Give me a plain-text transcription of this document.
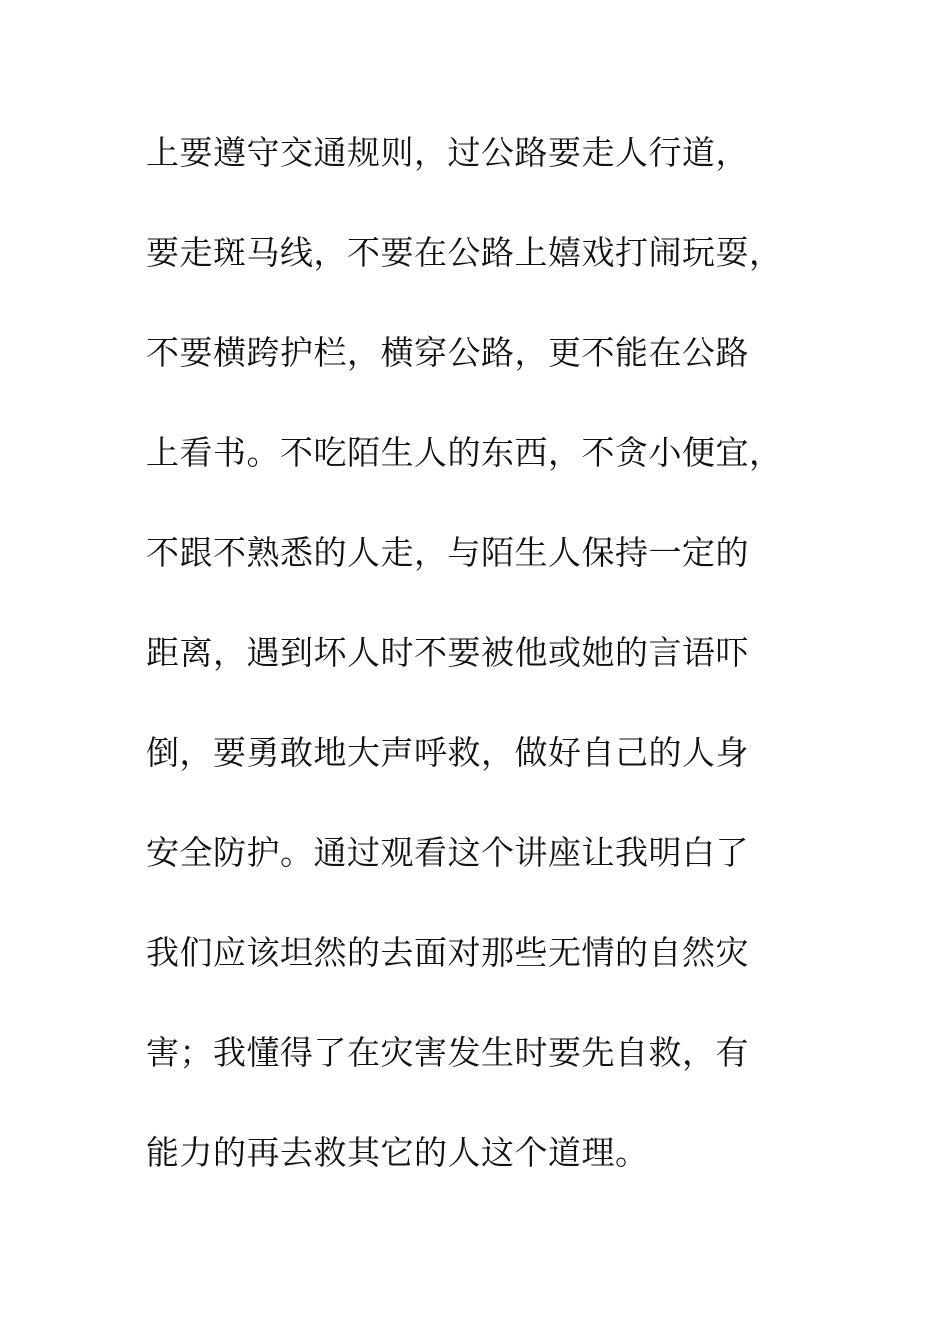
上要遵守交通规则，过公路要走人行道，
要走斑马线，不要在公路上嬉戏打闹玩耍，
不要横跨护栏，横穿公路，更不能在公路
上看书。不吃陌生人的东西，不贪小便宜，
不跟不熟悉的人走，与陌生人保持一定的
距离，遇到坏人时不要被他或她的言语吓
倒，要勇敢地大声呼救，做好自己的人身
安全防护。通过观看这个讲座让我明白了
我们应该坦然的去面对那些无情的自然灾
害；我懂得了在灾害发生时要先自救，有
能力的再去救其它的人这个道理。
